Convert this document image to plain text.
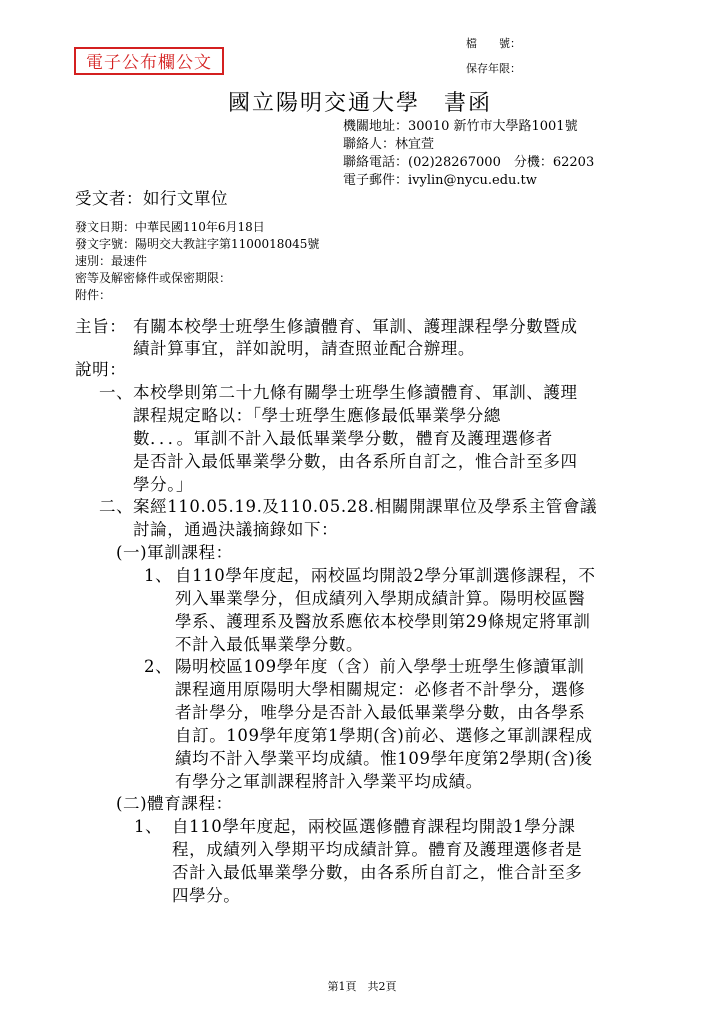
電子公布欄公文
檔　　號：
保存年限：
國立陽明交通大學　書函
機關地址：30010 新竹市大學路1001號
聯絡人：林宜萱
聯絡電話：(02)28267000　分機：62203
電子郵件：ivylin@nycu.edu.tw
受文者：如行文單位
發文日期：中華民國110年6月18日
發文字號：陽明交大教註字第1100018045號
速別：最速件
密等及解密條件或保密期限：
附件：
主旨： 有關本校學士班學生修讀體育、軍訓、護理課程學分數暨成
績計算事宜，詳如說明，請查照並配合辦理。
說明：
一、 本校學則第二十九條有關學士班學生修讀體育、軍訓、護理
課程規定略以：「學士班學生應修最低畢業學分總
數．．．。軍訓不計入最低畢業學分數，體育及護理選修者
是否計入最低畢業學分數，由各系所自訂之，惟合計至多四
學分。」
二、 案經110.05.19.及110.05.28.相關開課單位及學系主管會議
討論，通過決議摘錄如下：
(一)軍訓課程：
1、 自110學年度起，兩校區均開設2學分軍訓選修課程，不
列入畢業學分，但成績列入學期成績計算。陽明校區醫
學系、護理系及醫放系應依本校學則第29條規定將軍訓
不計入最低畢業學分數。
2、 陽明校區109學年度（含）前入學學士班學生修讀軍訓
課程適用原陽明大學相關規定：必修者不計學分，選修
者計學分，唯學分是否計入最低畢業學分數，由各學系
自訂。109學年度第1學期(含)前必、選修之軍訓課程成
績均不計入學業平均成績。惟109學年度第2學期(含)後
有學分之軍訓課程將計入學業平均成績。
(二)體育課程：
1、 自110學年度起，兩校區選修體育課程均開設1學分課
程，成績列入學期平均成績計算。體育及護理選修者是
否計入最低畢業學分數，由各系所自訂之，惟合計至多
四學分。
第1頁　共2頁
